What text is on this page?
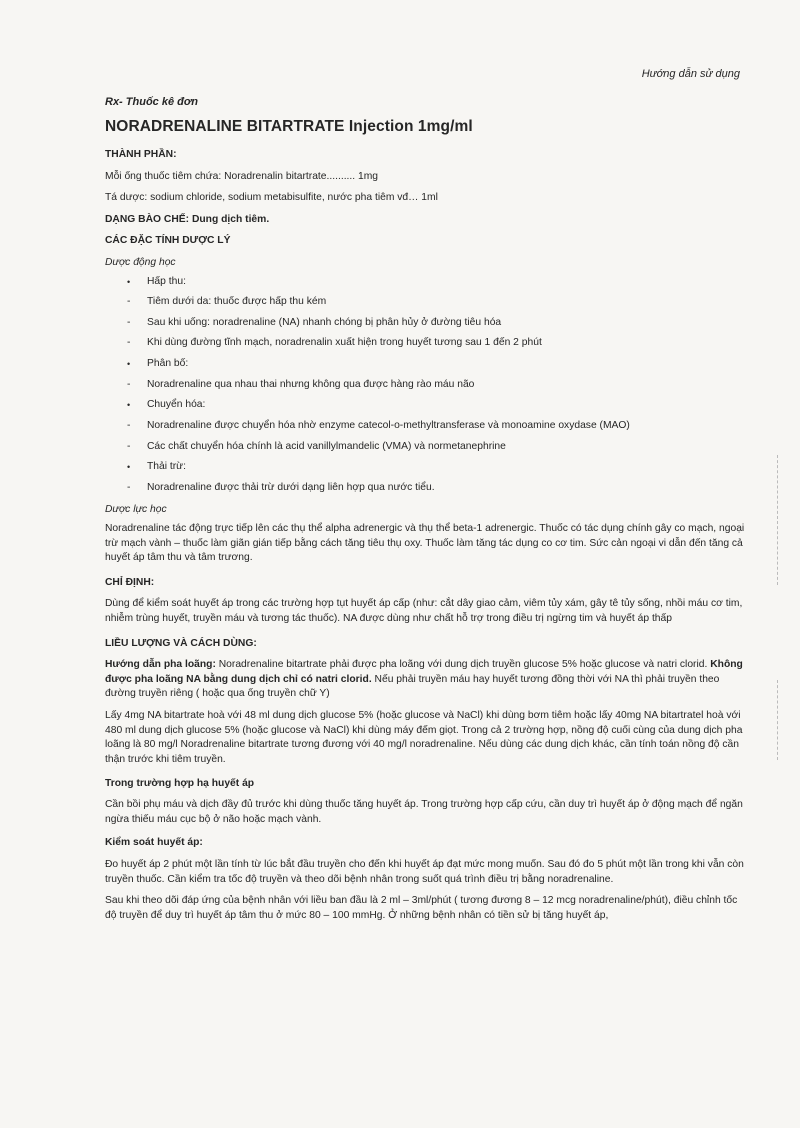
Hướng dẫn sử dụng
Rx- Thuốc kê đơn
NORADRENALINE BITARTRATE Injection 1mg/ml
THÀNH PHẦN:
Mỗi ống thuốc tiêm chứa: Noradrenalin bitartrate.......... 1mg
Tá dược: sodium chloride, sodium metabisulfite, nước pha tiêm vđ… 1ml
DẠNG BÀO CHẾ: Dung dịch tiêm.
CÁC ĐẶC TÍNH DƯỢC LÝ
Dược động học
• Hấp thu:
- Tiêm dưới da: thuốc được hấp thu kém
- Sau khi uống: noradrenaline (NA) nhanh chóng bị phân hủy ở đường tiêu hóa
- Khi dùng đường tĩnh mạch, noradrenalin xuất hiện trong huyết tương sau 1 đến 2 phút
• Phân bố:
- Noradrenaline qua nhau thai nhưng không qua được hàng rào máu não
• Chuyển hóa:
- Noradrenaline được chuyển hóa nhờ enzyme catecol-o-methyltransferase và monoamine oxydase (MAO)
- Các chất chuyển hóa chính là acid vanillylmandelic (VMA) và normetanephrine
• Thải trừ:
- Noradrenaline được thải trừ dưới dạng liên hợp qua nước tiểu.
Dược lực học
Noradrenaline tác động trực tiếp lên các thụ thể alpha adrenergic và thụ thể beta-1 adrenergic. Thuốc có tác dụng chính gây co mạch, ngoại trừ mạch vành – thuốc làm giãn gián tiếp bằng cách tăng tiêu thụ oxy. Thuốc làm tăng tác dụng co cơ tim. Sức cản ngoại vi dẫn đến tăng cả huyết áp tâm thu và tâm trương.
CHỈ ĐỊNH:
Dùng để kiểm soát huyết áp trong các trường hợp tụt huyết áp cấp (như: cắt dây giao cảm, viêm tủy xám, gây tê tủy sống, nhồi máu cơ tim, nhiễm trùng huyết, truyền máu và tương tác thuốc). NA được dùng như chất hỗ trợ trong điều trị ngừng tim và huyết áp thấp
LIỀU LƯỢNG VÀ CÁCH DÙNG:
Hướng dẫn pha loãng: Noradrenaline bitartrate phải được pha loãng với dung dịch truyền glucose 5% hoặc glucose và natri clorid. Không được pha loãng NA bằng dung dịch chỉ có natri clorid. Nếu phải truyền máu hay huyết tương đồng thời với NA thì phải truyền theo đường truyền riêng ( hoặc qua ống truyền chữ Y)
Lấy 4mg NA bitartrate hoà với 48 ml dung dịch glucose 5% (hoặc glucose và NaCl) khi dùng bơm tiêm hoặc lấy 40mg NA bitartratel hoà với 480 ml dung dịch glucose 5% (hoặc glucose và NaCl) khi dùng máy đếm giọt. Trong cả 2 trường hợp, nồng độ cuối cùng của dung dịch pha loãng là 80 mg/l Noradrenaline bitartrate tương đương với 40 mg/l noradrenaline. Nếu dùng các dung dịch khác, cần tính toán nồng độ cần thận trước khi tiêm truyền.
Trong trường hợp hạ huyết áp
Cần bồi phụ máu và dịch đầy đủ trước khi dùng thuốc tăng huyết áp. Trong trường hợp cấp cứu, cần duy trì huyết áp ở động mạch để ngăn ngừa thiếu máu cục bộ ở não hoặc mạch vành.
Kiểm soát huyết áp:
Đo huyết áp 2 phút một lần tính từ lúc bắt đầu truyền cho đến khi huyết áp đạt mức mong muốn. Sau đó đo 5 phút một lần trong khi vẫn còn truyền thuốc. Cần kiểm tra tốc độ truyền và theo dõi bệnh nhân trong suốt quá trình điều trị bằng noradrenaline.
Sau khi theo dõi đáp ứng của bệnh nhân với liều ban đầu là 2 ml – 3ml/phút ( tương đương 8 – 12 mcg noradrenaline/phút), điều chỉnh tốc độ truyền để duy trì huyết áp tâm thu ở mức 80 – 100 mmHg. Ở những bệnh nhân có tiền sử bị tăng huyết áp,
